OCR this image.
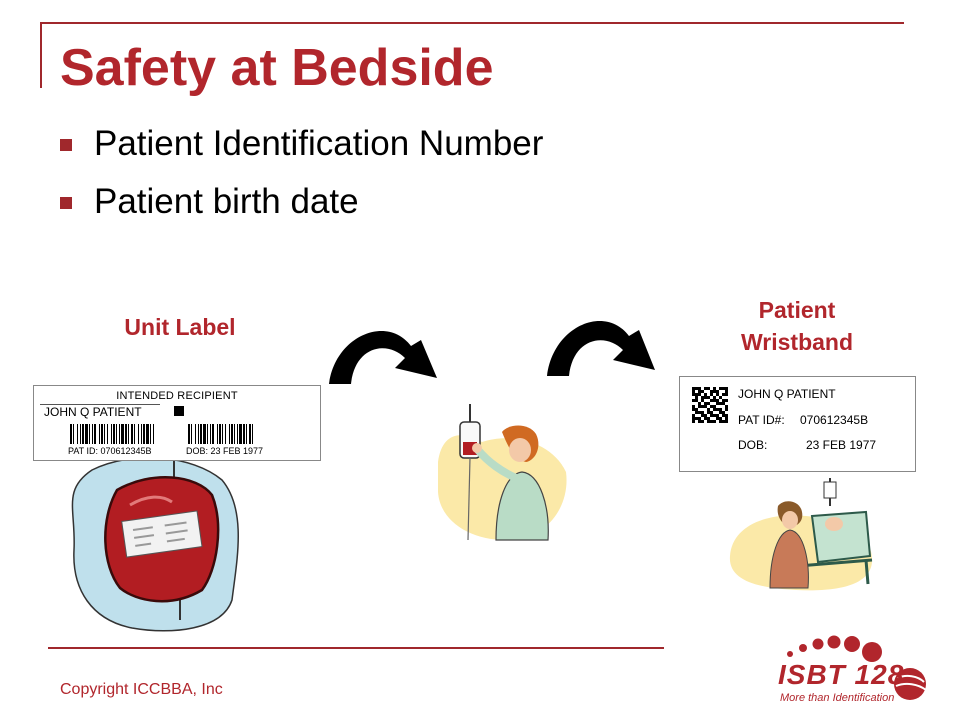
Safety at Bedside
Patient Identification Number
Patient birth date
Unit Label
Patient
Wristband
INTENDED RECIPIENT
JOHN Q PATIENT
PAT ID: 070612345B	DOB: 23 FEB 1977
JOHN Q PATIENT
PAT ID#: 070612345B
DOB:	23 FEB 1977
Copyright ICCBBA, Inc	ISBT 128
More than Identification
